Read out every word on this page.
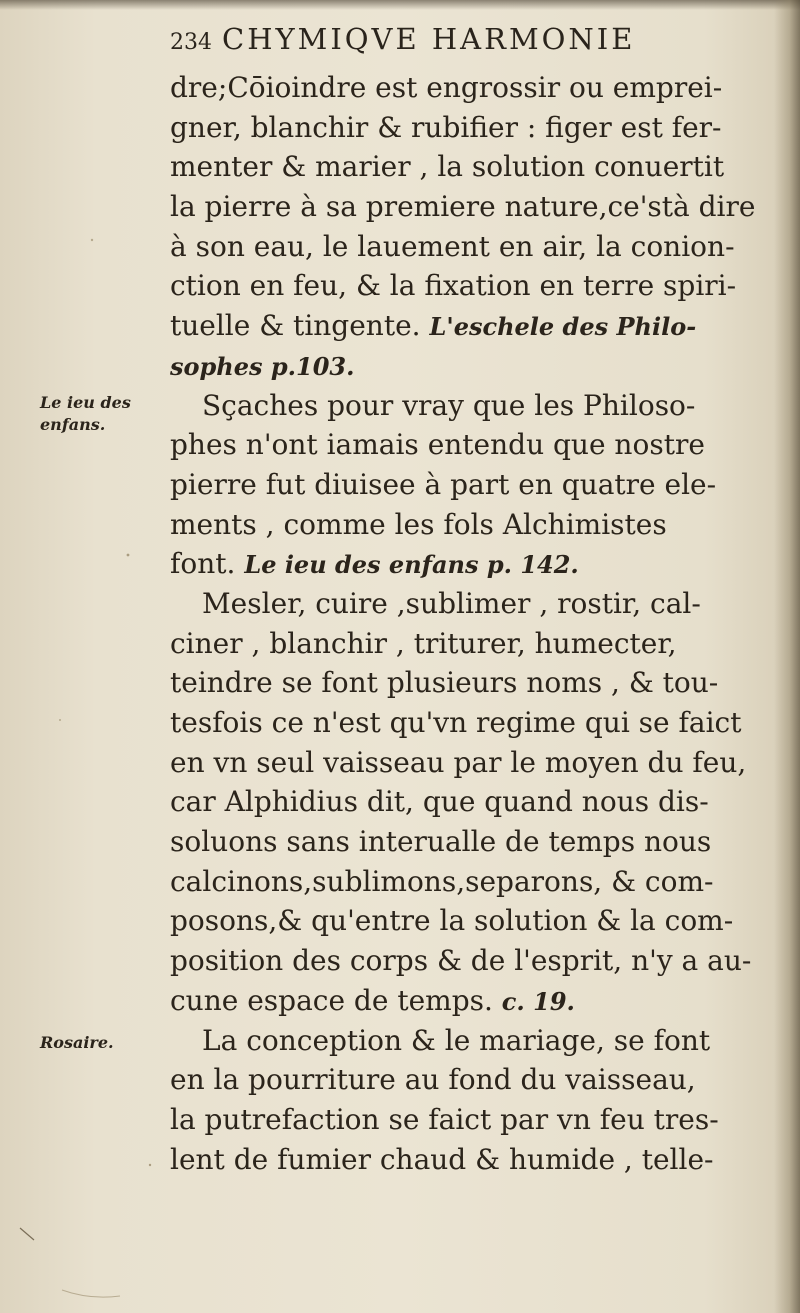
234 CHYMIQVE HARMONIE
Le ieu des enfans.
Rosaire.
dre;Cōioindre est engrossir ou emprei-
gner, blanchir & rubifier : figer est fer-
menter & marier , la solution conuertit
la pierre à sa premiere nature,ce'stà dire
à son eau, le lauement en air, la conion-
ction en feu, & la fixation en terre spiri-
tuelle & tingente. L'eschele des Philo-
sophes p.103.
Sçaches pour vray que les Philoso-
phes n'ont iamais entendu que nostre
pierre fut diuisee à part en quatre ele-
ments , comme les fols Alchimistes
font. Le ieu des enfans p. 142.
Mesler, cuire ,sublimer , rostir, cal-
ciner , blanchir , triturer, humecter,
teindre se font plusieurs noms , & tou-
tesfois ce n'est qu'vn regime qui se faict
en vn seul vaisseau par le moyen du feu,
car Alphidius dit, que quand nous dis-
soluons sans interualle de temps nous
calcinons,sublimons,separons, & com-
posons,& qu'entre la solution & la com-
position des corps & de l'esprit, n'y a au-
cune espace de temps. c. 19.
La conception & le mariage, se font
en la pourriture au fond du vaisseau,
la putrefaction se faict par vn feu tres-
lent de fumier chaud & humide , telle-
